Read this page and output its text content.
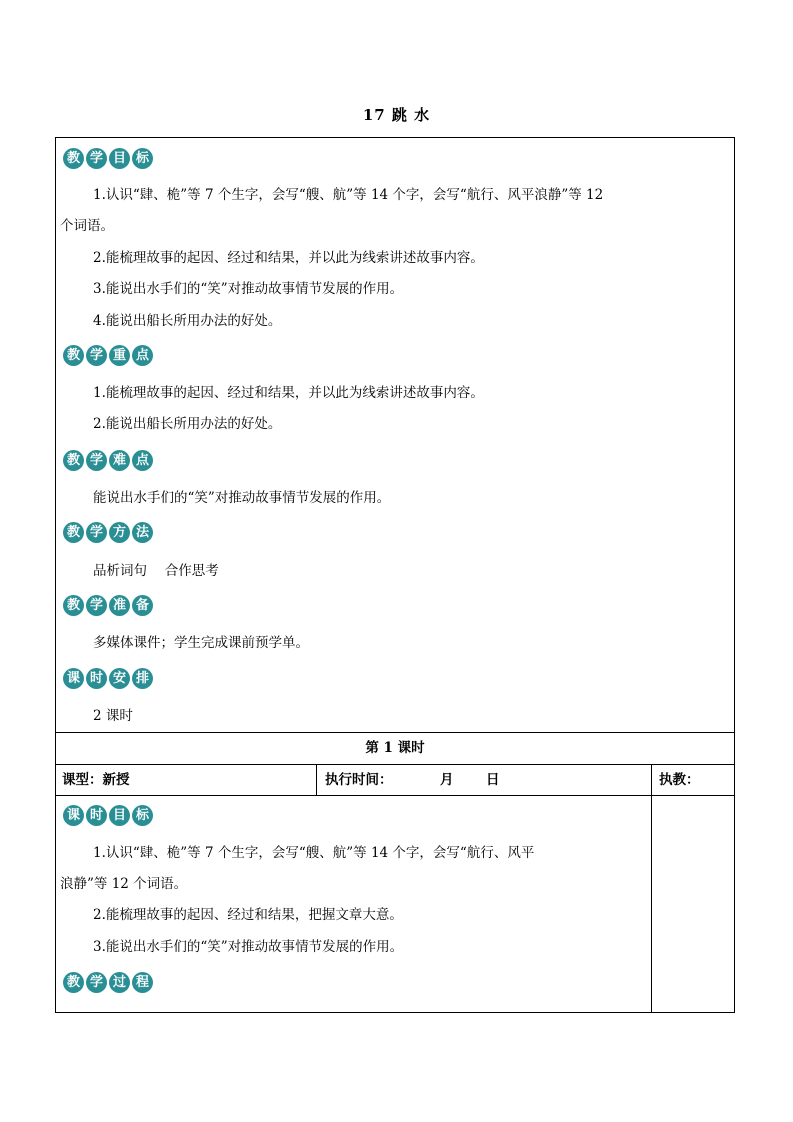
17 跳 水
教 学 目 标
1.认识“肆、桅”等 7 个生字，会写“艘、航”等 14 个字，会写“航行、风平浪静”等 12
个词语。
2.能梳理故事的起因、经过和结果，并以此为线索讲述故事内容。
3.能说出水手们的“笑”对推动故事情节发展的作用。
4.能说出船长所用办法的好处。
教 学 重 点
1.能梳理故事的起因、经过和结果，并以此为线索讲述故事内容。
2.能说出船长所用办法的好处。
教 学 难 点
能说出水手们的“笑”对推动故事情节发展的作用。
教 学 方 法
品析词句　 合作思考
教 学 准 备
多媒体课件；学生完成课前预学单。
课 时 安 排
2 课时
第 1 课时
课型：新授	执行时间：	月 日	执教：
课 时 目 标
1.认识“肆、桅”等 7 个生字，会写“艘、航”等 14 个字，会写“航行、风平
浪静”等 12 个词语。
2.能梳理故事的起因、经过和结果，把握文章大意。
3.能说出水手们的“笑”对推动故事情节发展的作用。
教 学 过 程
